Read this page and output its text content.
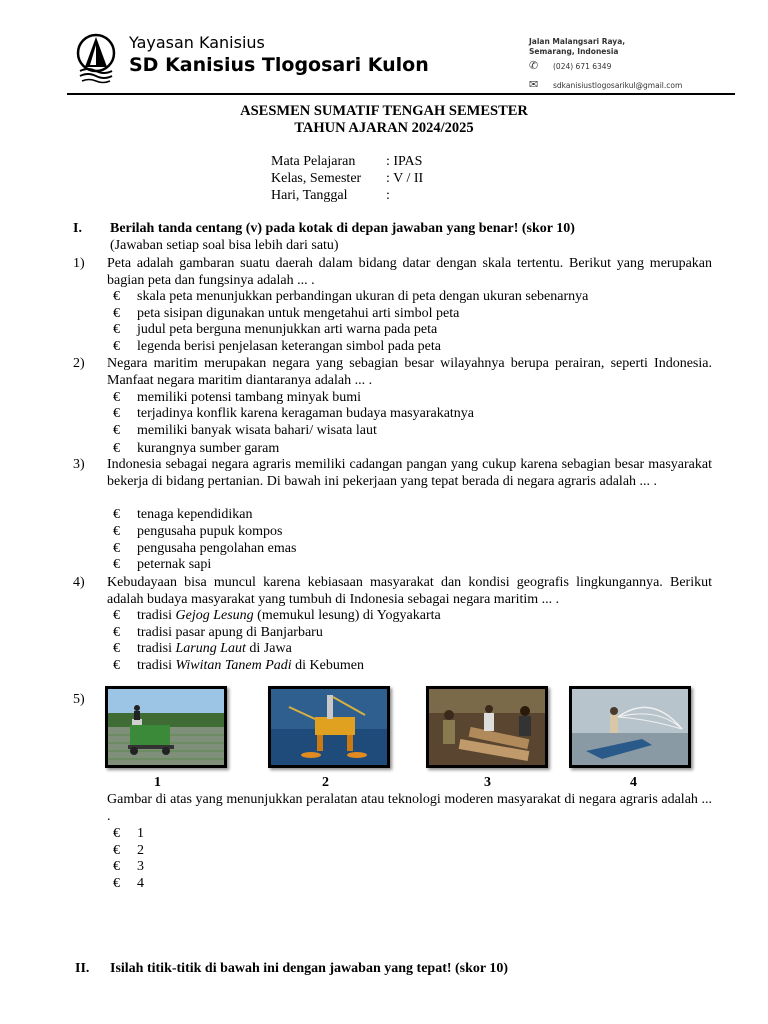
Yayasan Kanisius
SD Kanisius Tlogosari Kulon
Jalan Malangsari Raya,
Semarang, Indonesia
✆ (024) 671 6349
✉ sdkanisiustlogosarikul@gmail.com
ASESMEN SUMATIF TENGAH SEMESTER
TAHUN AJARAN 2024/2025
Mata Pelajaran : IPAS
Kelas, Semester : V / II
Hari, Tanggal	:
I. Berilah tanda centang (v) pada kotak di depan jawaban yang benar! (skor 10)
(Jawaban setiap soal bisa lebih dari satu)
1) Peta adalah gambaran suatu daerah dalam bidang datar dengan skala tertentu. Berikut yang merupakan bagian peta dan fungsinya adalah ... .
€ skala peta menunjukkan perbandingan ukuran di peta dengan ukuran sebenarnya
€ peta sisipan digunakan untuk mengetahui arti simbol peta
€ judul peta berguna menunjukkan arti warna pada peta
€ legenda berisi penjelasan keterangan simbol pada peta
2) Negara maritim merupakan negara yang sebagian besar wilayahnya berupa perairan, seperti Indonesia. Manfaat negara maritim diantaranya adalah ... .
€ memiliki potensi tambang minyak bumi
€ terjadinya konflik karena keragaman budaya masyarakatnya
€ memiliki banyak wisata bahari/ wisata laut
€ kurangnya sumber garam
3) Indonesia sebagai negara agraris memiliki cadangan pangan yang cukup karena sebagian besar masyarakat bekerja di bidang pertanian. Di bawah ini pekerjaan yang tepat berada di negara agraris adalah ... .
€ tenaga kependidikan
€ pengusaha pupuk kompos
€ pengusaha pengolahan emas
€ peternak sapi
4) Kebudayaan bisa muncul karena kebiasaan masyarakat dan kondisi geografis lingkungannya. Berikut adalah budaya masyarakat yang tumbuh di Indonesia sebagai negara maritim ... .
€ tradisi Gejog Lesung (memukul lesung) di Yogyakarta
€ tradisi pasar apung di Banjarbaru
€ tradisi Larung Laut di Jawa
€ tradisi Wiwitan Tanem Padi di Kebumen
5)
1	2	3	4
Gambar di atas yang menunjukkan peralatan atau teknologi moderen masyarakat di negara agraris adalah ... .
€ 1
€ 2
€ 3
€ 4
II. Isilah titik-titik di bawah ini dengan jawaban yang tepat! (skor 10)
